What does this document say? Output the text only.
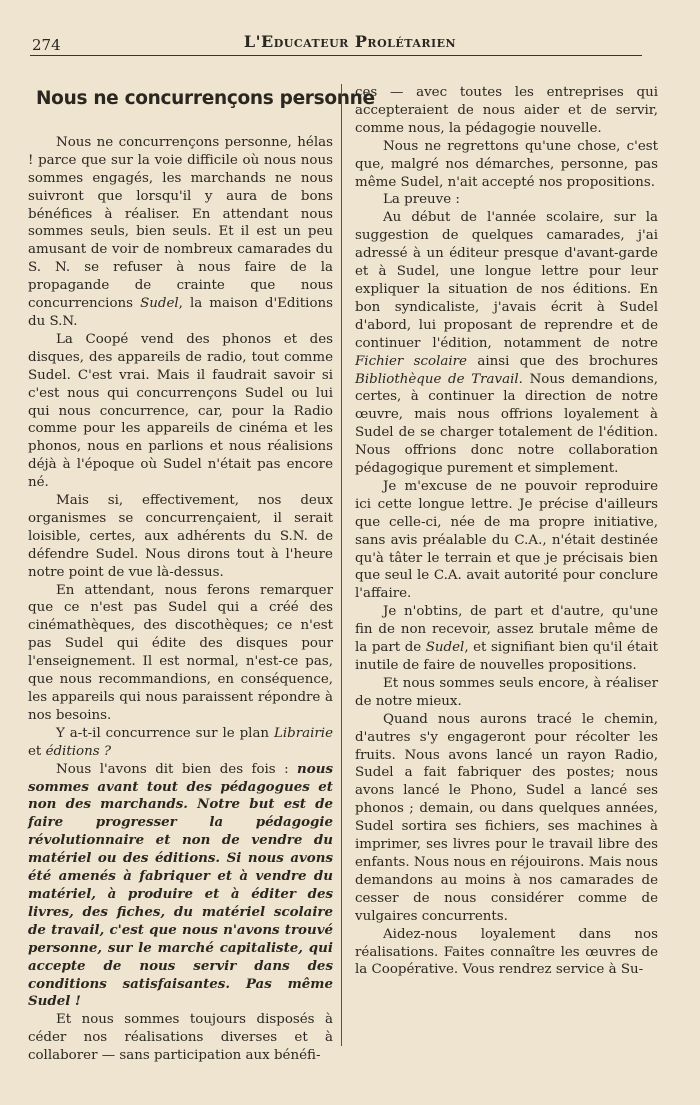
274	L'Educateur Prolétarien
Nous ne concurrençons personne

Nous ne concurrençons personne, hélas ! parce que sur la voie difficile où nous nous sommes engagés, les marchands ne nous suivront que lorsqu'il y aura de bons bénéfices à réaliser. En attendant nous sommes seuls, bien seuls. Et il est un peu amusant de voir de nombreux camarades du S. N. se refuser à nous faire de la propagande de crainte que nous concurrencions Sudel, la maison d'Editions du S.N.

La Coopé vend des phonos et des disques, des appareils de radio, tout comme Sudel. C'est vrai. Mais il faudrait savoir si c'est nous qui concurrençons Sudel ou lui qui nous concurrence, car, pour la Radio comme pour les appareils de cinéma et les phonos, nous en parlions et nous réalisions déjà à l'époque où Sudel n'était pas encore né.

Mais si, effectivement, nos deux organismes se concurrençaient, il serait loisible, certes, aux adhérents du S.N. de défendre Sudel. Nous dirons tout à l'heure notre point de vue là-dessus.

En attendant, nous ferons remarquer que ce n'est pas Sudel qui a créé des cinémathèques, des discothèques; ce n'est pas Sudel qui édite des disques pour l'enseignement. Il est normal, n'est-ce pas, que nous recommandions, en conséquence, les appareils qui nous paraissent répondre à nos besoins.

Y a-t-il concurrence sur le plan Librairie et éditions ?

Nous l'avons dit bien des fois : nous sommes avant tout des pédagogues et non des marchands. Notre but est de faire progresser la pédagogie révolutionnaire et non de vendre du matériel ou des éditions. Si nous avons été amenés à fabriquer et à vendre du matériel, à produire et à éditer des livres, des fiches, du matériel scolaire de travail, c'est que nous n'avons trouvé personne, sur le marché capitaliste, qui accepte de nous servir dans des conditions satisfaisantes. Pas même Sudel !

Et nous sommes toujours disposés à céder nos réalisations diverses et à collaborer — sans participation aux bénéfi-

ces — avec toutes les entreprises qui accepteraient de nous aider et de servir, comme nous, la pédagogie nouvelle.

Nous ne regrettons qu'une chose, c'est que, malgré nos démarches, personne, pas même Sudel, n'ait accepté nos propositions.

La preuve :

Au début de l'année scolaire, sur la suggestion de quelques camarades, j'ai adressé à un éditeur presque d'avant-garde et à Sudel, une longue lettre pour leur expliquer la situation de nos éditions. En bon syndicaliste, j'avais écrit à Sudel d'abord, lui proposant de reprendre et de continuer l'édition, notamment de notre Fichier scolaire ainsi que des brochures Bibliothèque de Travail. Nous demandions, certes, à continuer la direction de notre œuvre, mais nous offrions loyalement à Sudel de se charger totalement de l'édition. Nous offrions donc notre collaboration pédagogique purement et simplement.

Je m'excuse de ne pouvoir reproduire ici cette longue lettre. Je précise d'ailleurs que celle-ci, née de ma propre initiative, sans avis préalable du C.A., n'était destinée qu'à tâter le terrain et que je précisais bien que seul le C.A. avait autorité pour conclure l'affaire.

Je n'obtins, de part et d'autre, qu'une fin de non recevoir, assez brutale même de la part de Sudel, et signifiant bien qu'il était inutile de faire de nouvelles propositions.

Et nous sommes seuls encore, à réaliser de notre mieux.

Quand nous aurons tracé le chemin, d'autres s'y engageront pour récolter les fruits. Nous avons lancé un rayon Radio, Sudel a fait fabriquer des postes; nous avons lancé le Phono, Sudel a lancé ses phonos ; demain, ou dans quelques années, Sudel sortira ses fichiers, ses machines à imprimer, ses livres pour le travail libre des enfants. Nous nous en réjouirons. Mais nous demandons au moins à nos camarades de cesser de nous considérer comme de vulgaires concurrents.

Aidez-nous loyalement dans nos réalisations. Faites connaître les œuvres de la Coopérative. Vous rendrez service à Su-
